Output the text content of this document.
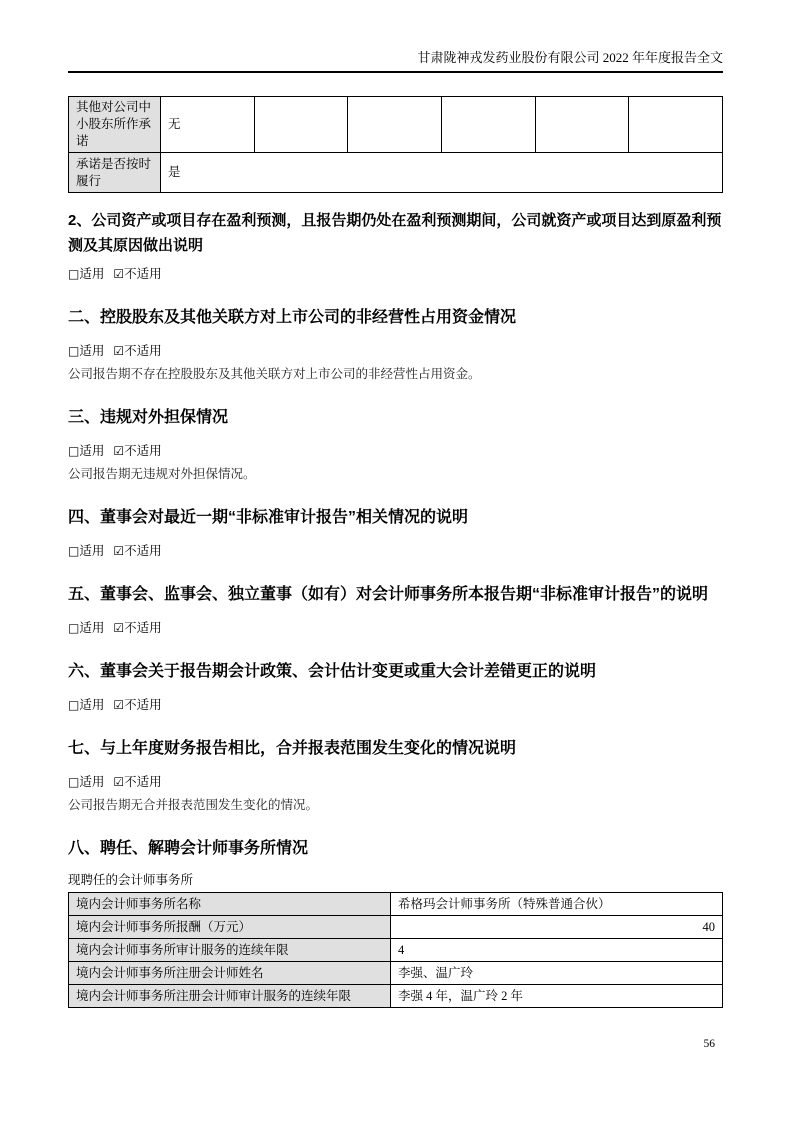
甘肃陇神戎发药业股份有限公司 2022 年年度报告全文
其他对公司中小股东所作承诺	无					
承诺是否按时履行	是					
2、公司资产或项目存在盈利预测，且报告期仍处在盈利预测期间，公司就资产或项目达到原盈利预测及其原因做出说明

□适用 ☑不适用

二、控股股东及其他关联方对上市公司的非经营性占用资金情况

□适用 ☑不适用

公司报告期不存在控股股东及其他关联方对上市公司的非经营性占用资金。

三、违规对外担保情况

□适用 ☑不适用

公司报告期无违规对外担保情况。

四、董事会对最近一期“非标准审计报告”相关情况的说明

□适用 ☑不适用

五、董事会、监事会、独立董事（如有）对会计师事务所本报告期“非标准审计报告”的说明

□适用 ☑不适用

六、董事会关于报告期会计政策、会计估计变更或重大会计差错更正的说明

□适用 ☑不适用

七、与上年度财务报告相比，合并报表范围发生变化的情况说明

□适用 ☑不适用

公司报告期无合并报表范围发生变化的情况。

八、聘任、解聘会计师事务所情况

现聘任的会计师事务所

境内会计师事务所名称	希格玛会计师事务所（特殊普通合伙）
境内会计师事务所报酬（万元）	40
境内会计师事务所审计服务的连续年限	4
境内会计师事务所注册会计师姓名	李强、温广玲
境内会计师事务所注册会计师审计服务的连续年限	李强 4 年，温广玲 2 年
56
